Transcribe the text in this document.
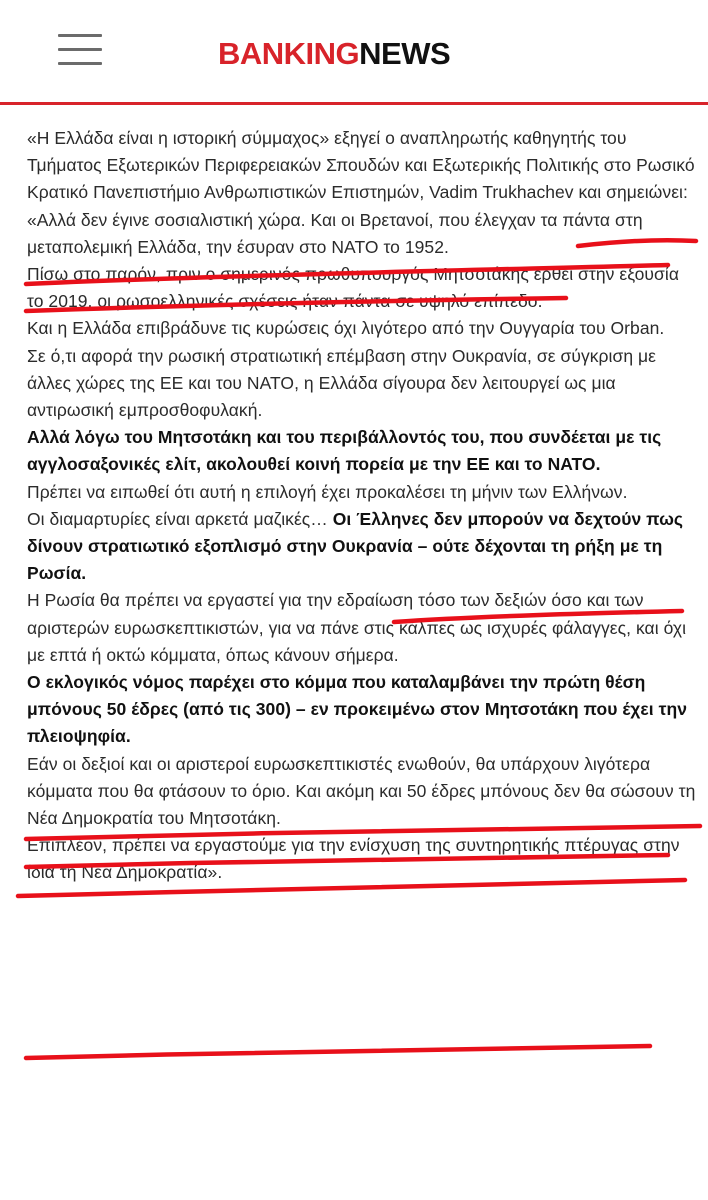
BANKINGNEWS

«Η Ελλάδα είναι η ιστορική σύμμαχος» εξηγεί ο αναπληρωτής καθηγητής του Τμήματος Εξωτερικών Περιφερειακών Σπουδών και Εξωτερικής Πολιτικής στο Ρωσικό Κρατικό Πανεπιστήμιο Ανθρωπιστικών Επιστημών, Vadim Trukhachev και σημειώνει: «Αλλά δεν έγινε σοσιαλιστική χώρα. Και οι Βρετανοί, που έλεγχαν τα πάντα στη μεταπολεμική Ελλάδα, την έσυραν στο ΝΑΤΟ το 1952.

Πίσω στο παρόν, πριν ο σημερινός πρωθυπουργός Μητσοτάκης έρθει στην εξουσία το 2019, οι ρωσοελληνικές σχέσεις ήταν πάντα σε υψηλό επίπεδο.

Και η Ελλάδα επιβράδυνε τις κυρώσεις όχι λιγότερο από την Ουγγαρία του Orban.

Σε ό,τι αφορά την ρωσική στρατιωτική επέμβαση στην Ουκρανία, σε σύγκριση με άλλες χώρες της ΕΕ και του ΝΑΤΟ, η Ελλάδα σίγουρα δεν λειτουργεί ως μια αντιρωσική εμπροσθοφυλακή.

Αλλά λόγω του Μητσοτάκη και του περιβάλλοντός του, που συνδέεται με τις αγγλοσαξονικές ελίτ, ακολουθεί κοινή πορεία με την ΕΕ και το ΝΑΤΟ.

Πρέπει να ειπωθεί ότι αυτή η επιλογή έχει προκαλέσει τη μήνιν των Ελλήνων.

Οι διαμαρτυρίες είναι αρκετά μαζικές… Οι Έλληνες δεν μπορούν να δεχτούν πως δίνουν στρατιωτικό εξοπλισμό στην Ουκρανία – ούτε δέχονται τη ρήξη με τη Ρωσία.

Η Ρωσία θα πρέπει να εργαστεί για την εδραίωση τόσο των δεξιών όσο και των αριστερών ευρωσκεπτικιστών, για να πάνε στις κάλπες ως ισχυρές φάλαγγες, και όχι με επτά ή οκτώ κόμματα, όπως κάνουν σήμερα.

Ο εκλογικός νόμος παρέχει στο κόμμα που καταλαμβάνει την πρώτη θέση μπόνους 50 έδρες (από τις 300) – εν προκειμένω στον Μητσοτάκη που έχει την πλειοψηφία.

Εάν οι δεξιοί και οι αριστεροί ευρωσκεπτικιστές ενωθούν, θα υπάρχουν λιγότερα κόμματα που θα φτάσουν το όριο. Και ακόμη και 50 έδρες μπόνους δεν θα σώσουν τη Νέα Δημοκρατία του Μητσοτάκη.

Επιπλέον, πρέπει να εργαστούμε για την ενίσχυση της συντηρητικής πτέρυγας στην ίδια τη Νέα Δημοκρατία».
